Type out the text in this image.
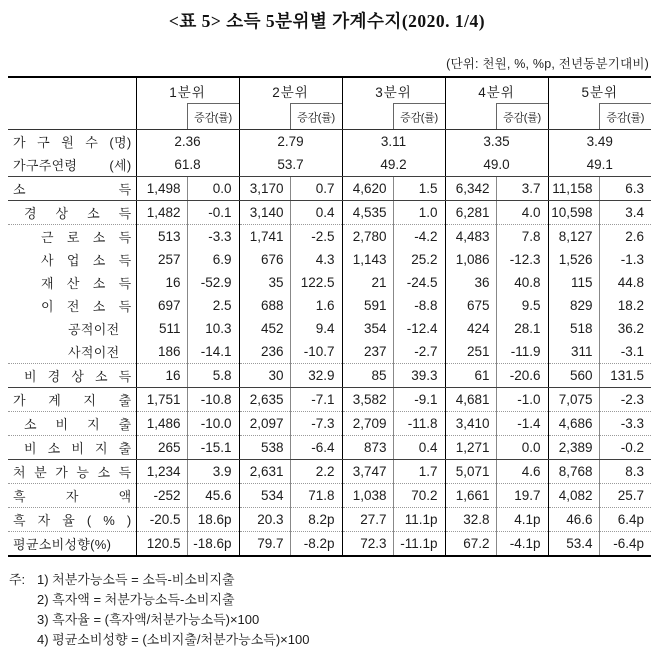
<표 5> 소득 5분위별 가계수지(2020. 1/4)
(단위: 천원, %, %p, 전년동분기대비)
	1분위		2분위		3분위		4분위		5분위	
		증감(률)		증감(률)		증감(률)		증감(률)		증감(률)
가 구 원 수 (명)	2.36		2.79		3.11		3.35		3.49	
가구주연령 (세)	61.8		53.7		49.2		49.0		49.1	
소 득	1,498	0.0	3,170	0.7	4,620	1.5	6,342	3.7	11,158	6.3
경 상 소 득	1,482	-0.1	3,140	0.4	4,535	1.0	6,281	4.0	10,598	3.4
근 로 소 득	513	-3.3	1,741	-2.5	2,780	-4.2	4,483	7.8	8,127	2.6
사 업 소 득	257	6.9	676	4.3	1,143	25.2	1,086	-12.3	1,526	-1.3
재 산 소 득	16	-52.9	35	122.5	21	-24.5	36	40.8	115	44.8
이 전 소 득	697	2.5	688	1.6	591	-8.8	675	9.5	829	18.2
공적이전	511	10.3	452	9.4	354	-12.4	424	28.1	518	36.2
사적이전	186	-14.1	236	-10.7	237	-2.7	251	-11.9	311	-3.1
비 경 상 소 득	16	5.8	30	32.9	85	39.3	61	-20.6	560	131.5
가 계 지 출	1,751	-10.8	2,635	-7.1	3,582	-9.1	4,681	-1.0	7,075	-2.3
소 비 지 출	1,486	-10.0	2,097	-7.3	2,709	-11.8	3,410	-1.4	4,686	-3.3
비 소 비 지 출	265	-15.1	538	-6.4	873	0.4	1,271	0.0	2,389	-0.2
처 분 가 능 소 득	1,234	3.9	2,631	2.2	3,747	1.7	5,071	4.6	8,768	8.3
흑 자 액	-252	45.6	534	71.8	1,038	70.2	1,661	19.7	4,082	25.7
흑 자 율 ( % )	-20.5	18.6p	20.3	8.2p	27.7	11.1p	32.8	4.1p	46.6	6.4p
평균소비성향(%)	120.5	-18.6p	79.7	-8.2p	72.3	-11.1p	67.2	-4.1p	53.4	-6.4p
주: 1) 처분가능소득 = 소득-비소비지출
2) 흑자액 = 처분가능소득-소비지출
3) 흑자율 = (흑자액/처분가능소득)×100
4) 평균소비성향 = (소비지출/처분가능소득)×100
